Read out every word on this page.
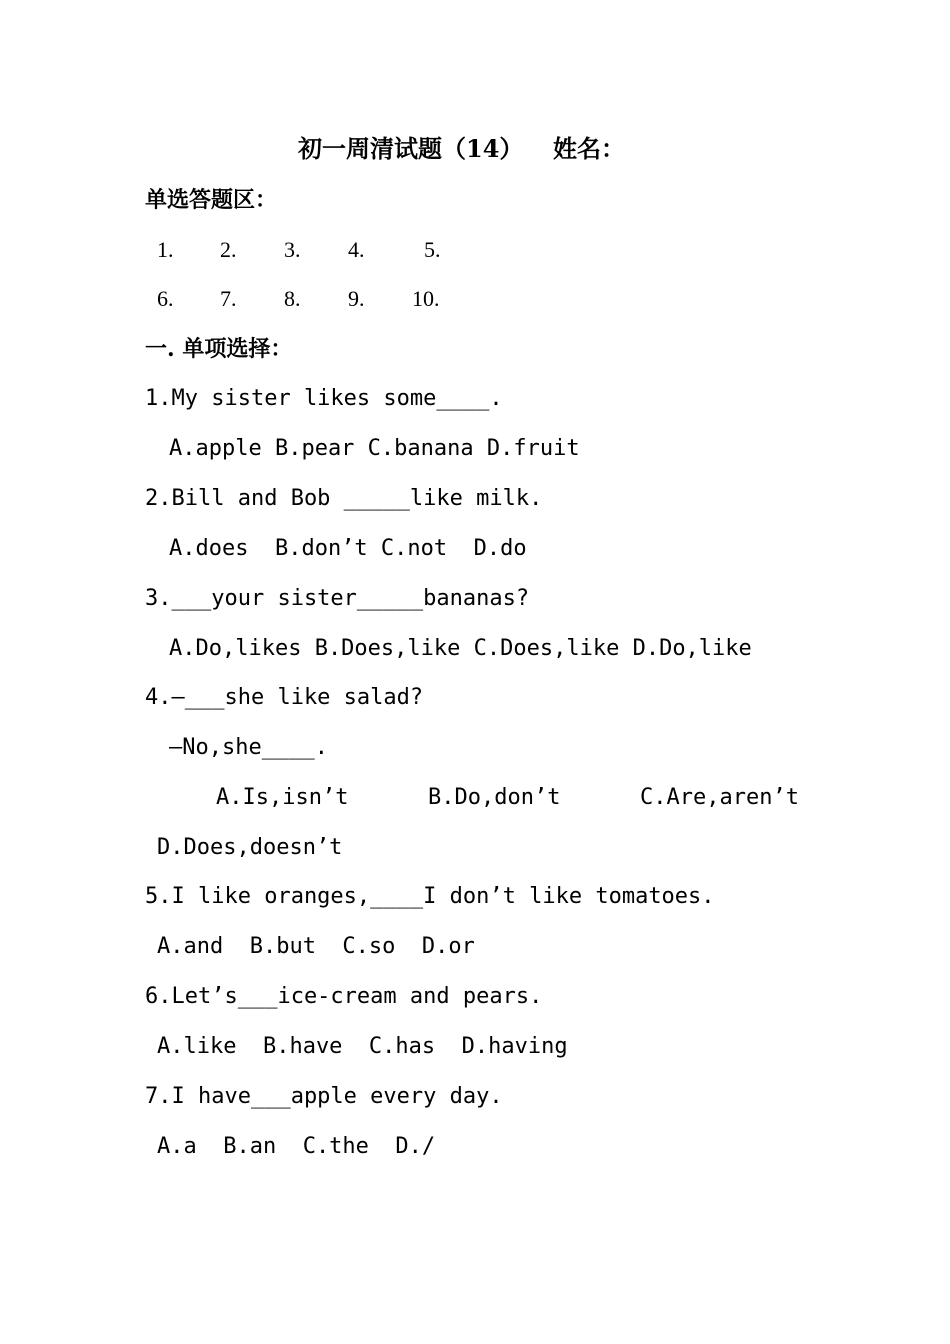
初一周清试题（14） 姓名：
单选答题区：
1. 2. 3. 4.	5.
6. 7. 8. 9. 10.
一. 单项选择：
1.My sister likes some____.
A.apple B.pear C.banana D.fruit
2.Bill and Bob _____like milk.
A.does  B.don’t C.not  D.do
3.___your sister_____bananas?
A.Do,likes B.Does,like C.Does,like D.Do,like
4.—___she like salad?
—No,she____.
A.Is,isn’t	B.Do,don’t	C.Are,aren’t
D.Does,doesn’t
5.I like oranges,____I don’t like tomatoes.
A.and  B.but  C.so  D.or
6.Let’s___ice-cream and pears.
A.like  B.have  C.has  D.having
7.I have___apple every day.
A.a  B.an  C.the  D./
